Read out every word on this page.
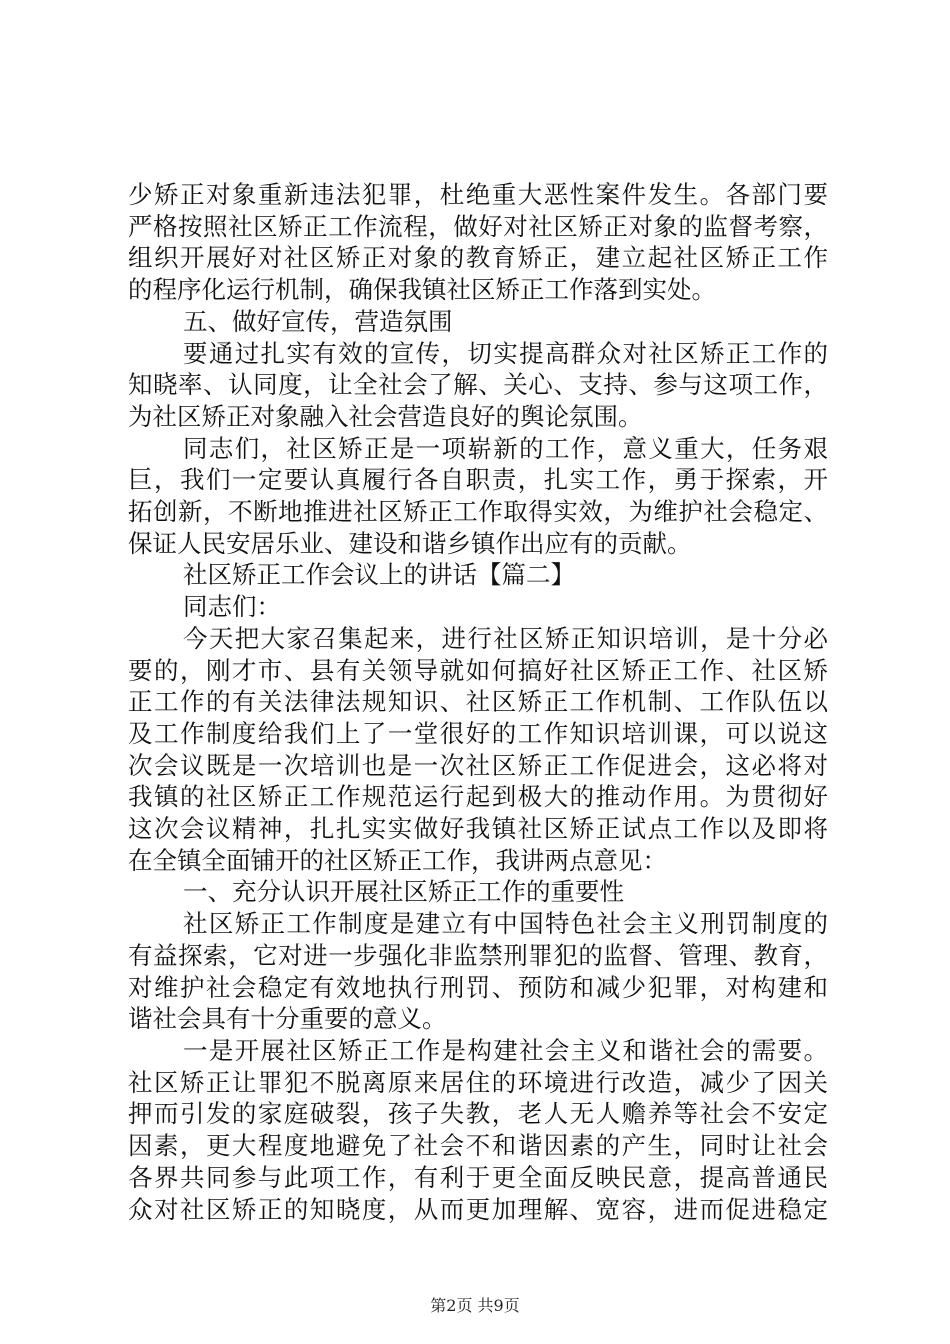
少矫正对象重新违法犯罪，杜绝重大恶性案件发生。各部门要
严格按照社区矫正工作流程，做好对社区矫正对象的监督考察，
组织开展好对社区矫正对象的教育矫正，建立起社区矫正工作
的程序化运行机制，确保我镇社区矫正工作落到实处。
五、做好宣传，营造氛围
要通过扎实有效的宣传，切实提高群众对社区矫正工作的
知晓率、认同度，让全社会了解、关心、支持、参与这项工作，
为社区矫正对象融入社会营造良好的舆论氛围。
同志们，社区矫正是一项崭新的工作，意义重大，任务艰
巨，我们一定要认真履行各自职责，扎实工作，勇于探索，开
拓创新，不断地推进社区矫正工作取得实效，为维护社会稳定、
保证人民安居乐业、建设和谐乡镇作出应有的贡献。
社区矫正工作会议上的讲话【篇二】
同志们：
今天把大家召集起来，进行社区矫正知识培训，是十分必
要的，刚才市、县有关领导就如何搞好社区矫正工作、社区矫
正工作的有关法律法规知识、社区矫正工作机制、工作队伍以
及工作制度给我们上了一堂很好的工作知识培训课，可以说这
次会议既是一次培训也是一次社区矫正工作促进会，这必将对
我镇的社区矫正工作规范运行起到极大的推动作用。为贯彻好
这次会议精神，扎扎实实做好我镇社区矫正试点工作以及即将
在全镇全面铺开的社区矫正工作，我讲两点意见：
一、充分认识开展社区矫正工作的重要性
社区矫正工作制度是建立有中国特色社会主义刑罚制度的
有益探索，它对进一步强化非监禁刑罪犯的监督、管理、教育，
对维护社会稳定有效地执行刑罚、预防和减少犯罪，对构建和
谐社会具有十分重要的意义。
一是开展社区矫正工作是构建社会主义和谐社会的需要。
社区矫正让罪犯不脱离原来居住的环境进行改造，减少了因关
押而引发的家庭破裂，孩子失教，老人无人赡养等社会不安定
因素，更大程度地避免了社会不和谐因素的产生，同时让社会
各界共同参与此项工作，有利于更全面反映民意，提高普通民
众对社区矫正的知晓度，从而更加理解、宽容，进而促进稳定
第2页 共9页
